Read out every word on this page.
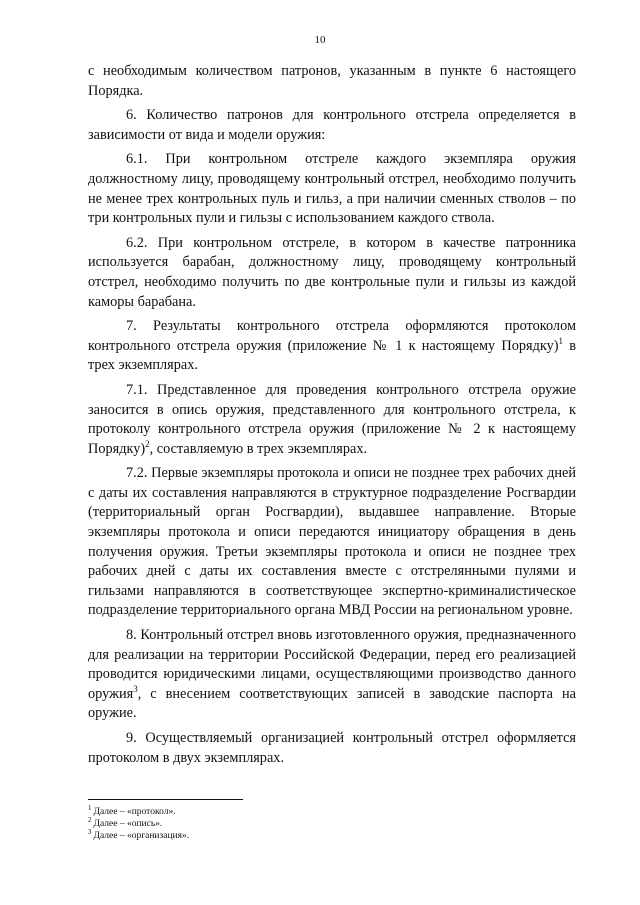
10

с необходимым количеством патронов, указанным в пункте 6 настоящего Порядка.

6. Количество патронов для контрольного отстрела определяется в зависимости от вида и модели оружия:

6.1. При контрольном отстреле каждого экземпляра оружия должностному лицу, проводящему контрольный отстрел, необходимо получить не менее трех контрольных пуль и гильз, а при наличии сменных стволов – по три контрольных пули и гильзы с использованием каждого ствола.

6.2. При контрольном отстреле, в котором в качестве патронника используется барабан, должностному лицу, проводящему контрольный отстрел, необходимо получить по две контрольные пули и гильзы из каждой каморы барабана.

7. Результаты контрольного отстрела оформляются протоколом контрольного отстрела оружия (приложение № 1 к настоящему Порядку)$^1$ в трех экземплярах.

7.1. Представленное для проведения контрольного отстрела оружие заносится в опись оружия, представленного для контрольного отстрела, к протоколу контрольного отстрела оружия (приложение № 2 к настоящему Порядку)$^2$, составляемую в трех экземплярах.

7.2. Первые экземпляры протокола и описи не позднее трех рабочих дней с даты их составления направляются в структурное подразделение Росгвардии (территориальный орган Росгвардии), выдавшее направление. Вторые экземпляры протокола и описи передаются инициатору обращения в день получения оружия. Третьи экземпляры протокола и описи не позднее трех рабочих дней с даты их составления вместе с отстрелянными пулями и гильзами направляются в соответствующее экспертно-криминалистическое подразделение территориального органа МВД России на региональном уровне.

8. Контрольный отстрел вновь изготовленного оружия, предназначенного для реализации на территории Российской Федерации, перед его реализацией проводится юридическими лицами, осуществляющими производство данного оружия$^3$, с внесением соответствующих записей в заводские паспорта на оружие.

9. Осуществляемый организацией контрольный отстрел оформляется протоколом в двух экземплярах.

$^1$ Далее – «протокол».

$^2$ Далее – «опись».

$^3$ Далее – «организация».
